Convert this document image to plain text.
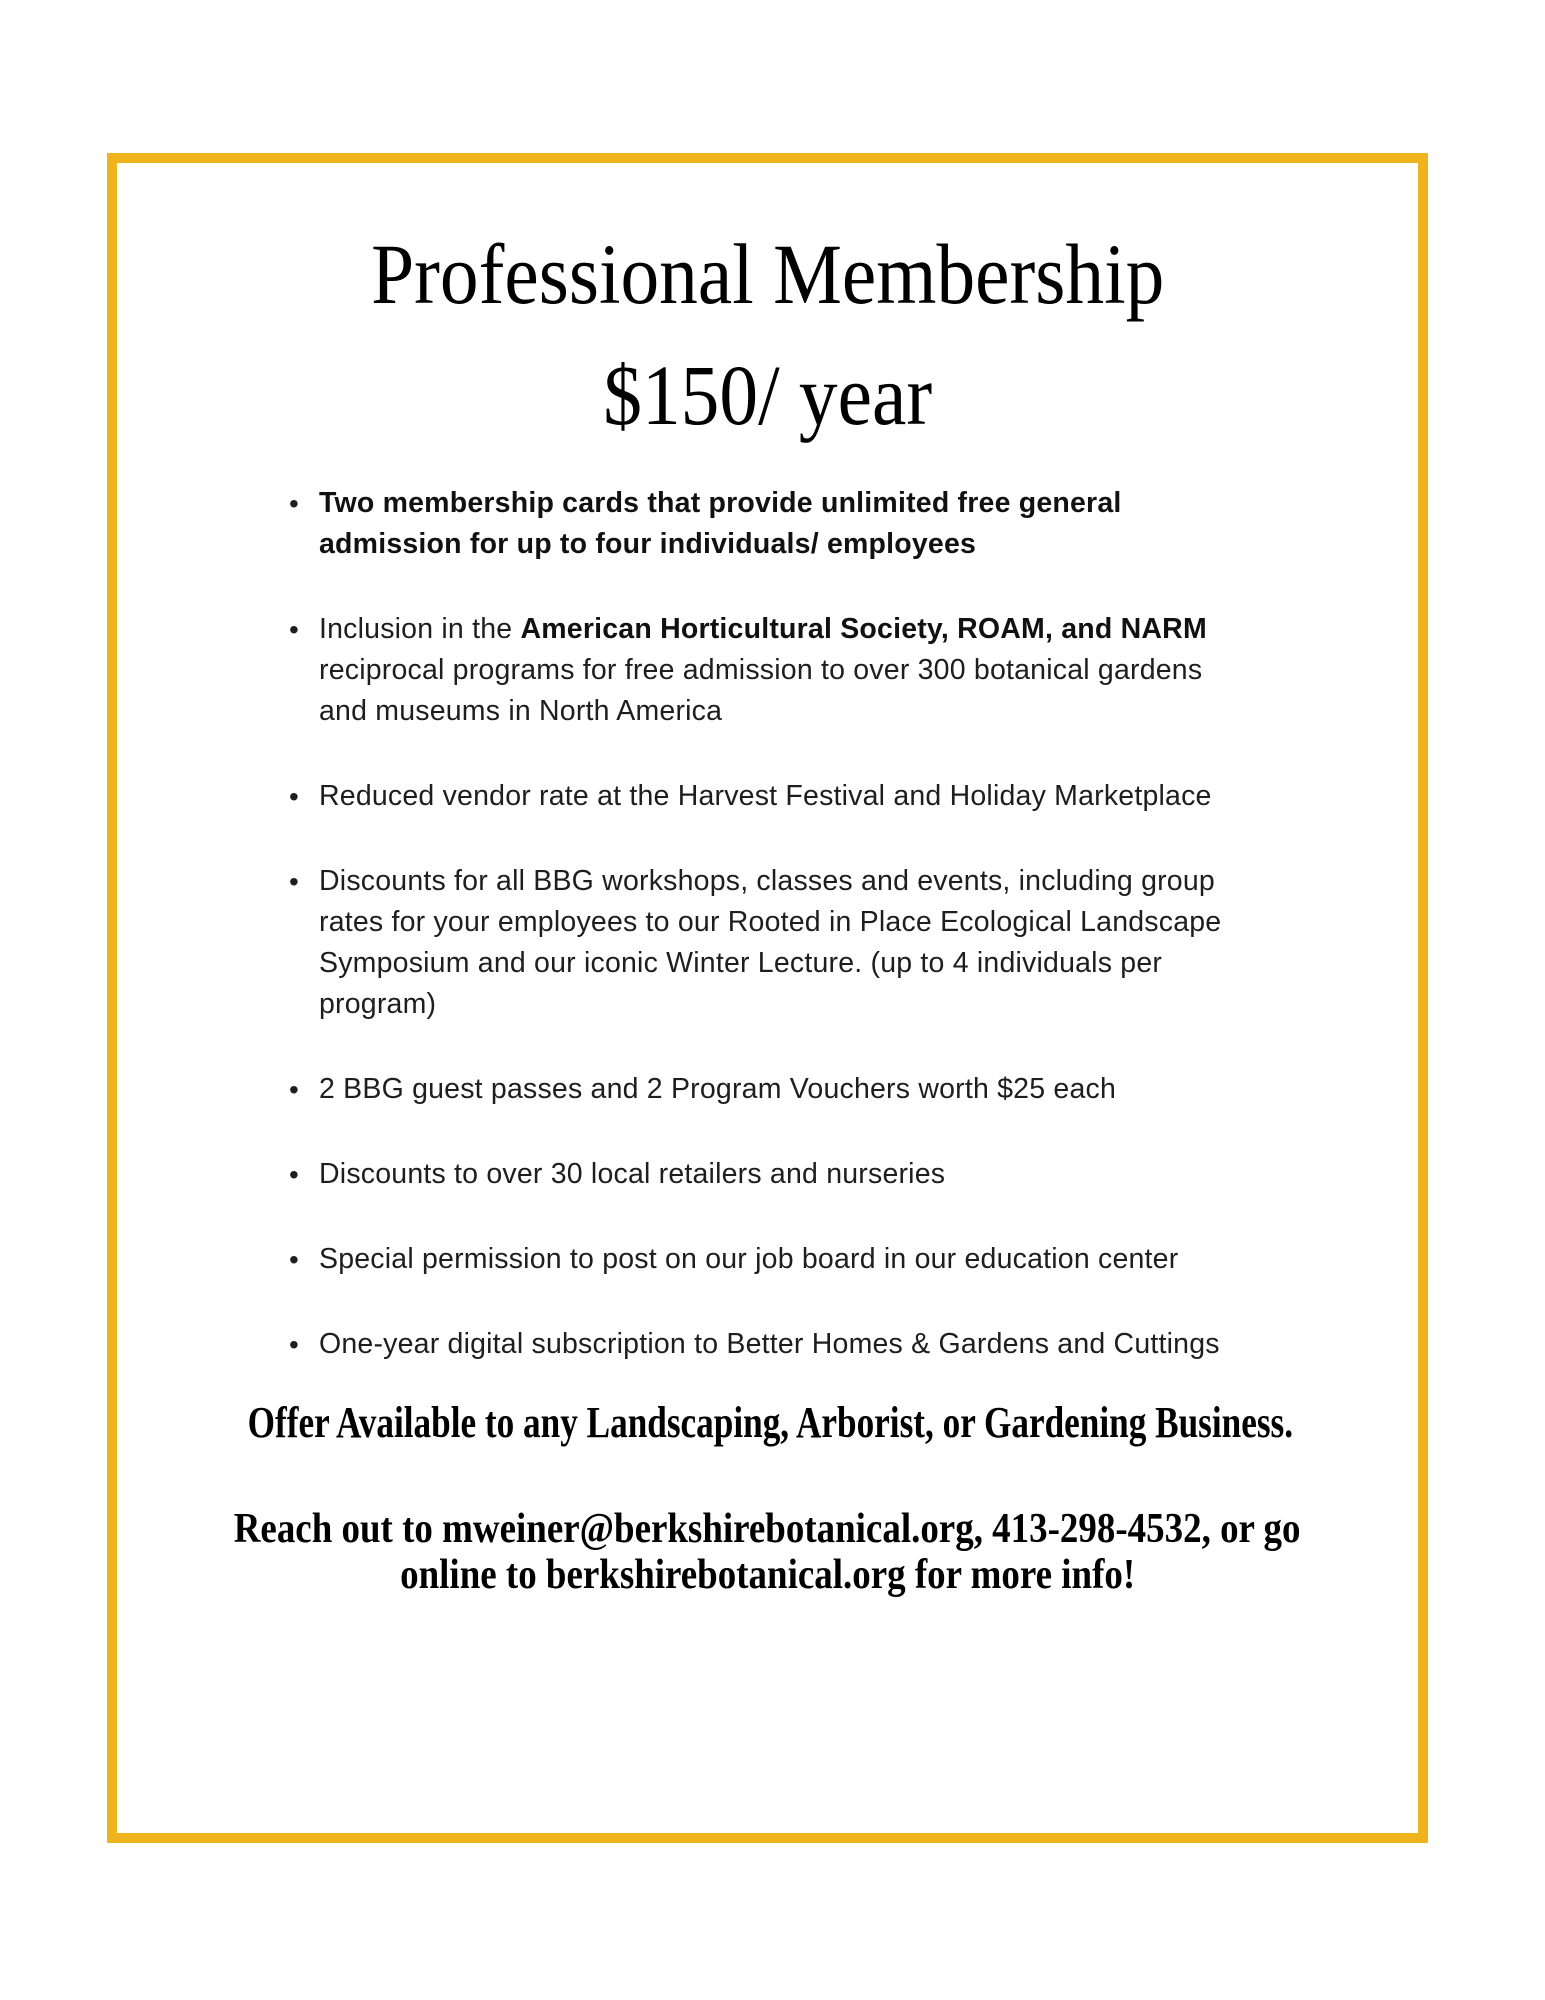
Professional Membership
$150/ year
• Two membership cards that provide unlimited free general admission for up to four individuals/ employees
• Inclusion in the American Horticultural Society, ROAM, and NARM reciprocal programs for free admission to over 300 botanical gardens and museums in North America
• Reduced vendor rate at the Harvest Festival and Holiday Marketplace
• Discounts for all BBG workshops, classes and events, including group rates for your employees to our Rooted in Place Ecological Landscape Symposium and our iconic Winter Lecture. (up to 4 individuals per program)
• 2 BBG guest passes and 2 Program Vouchers worth $25 each
• Discounts to over 30 local retailers and nurseries
• Special permission to post on our job board in our education center
• One-year digital subscription to Better Homes & Gardens and Cuttings

Offer Available to any Landscaping, Arborist, or Gardening Business.

Reach out to mweiner@berkshirebotanical.org, 413-298-4532, or go
online to berkshirebotanical.org for more info!
